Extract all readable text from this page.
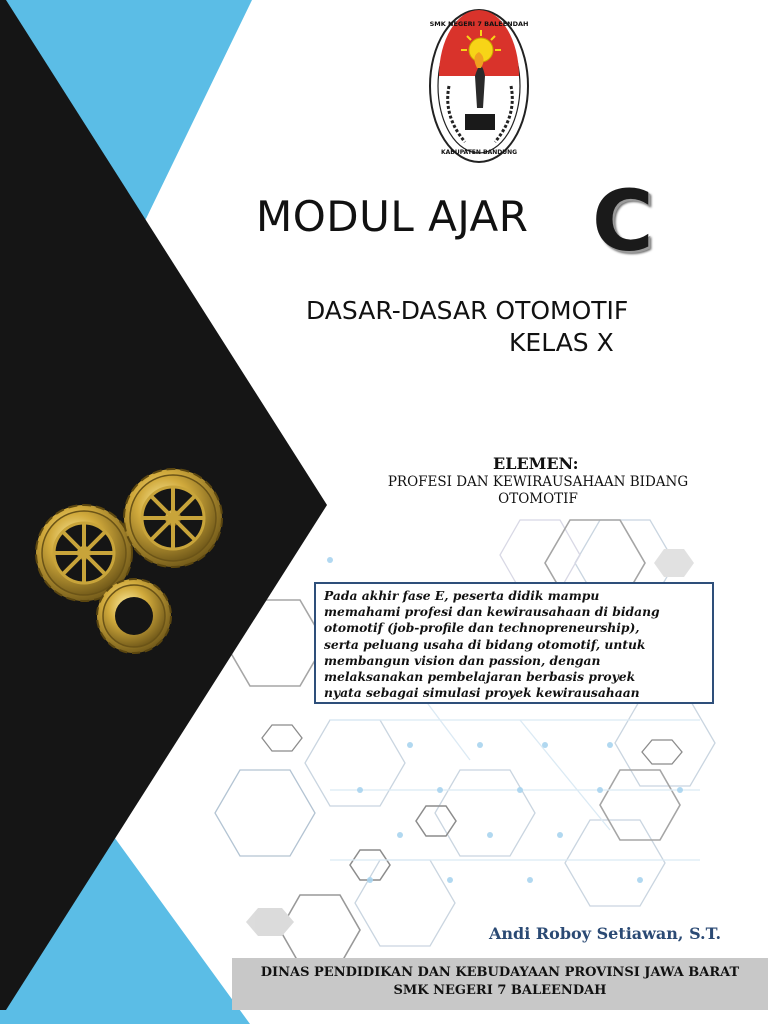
SMK NEGERI 7 BALEENDAH
KABUPATEN BANDUNG
MODUL AJAR C
DASAR-DASAR OTOMOTIF
KELAS X
ELEMEN:
PROFESI DAN KEWIRAUSAHAAN BIDANG
OTOMOTIF

Pada akhir fase E, peserta didik mampu

memahami profesi dan kewirausahaan di bidang

otomotif (job-profile dan technopreneurship),

serta peluang usaha di bidang otomotif, untuk

membangun vision dan passion, dengan

melaksanakan pembelajaran berbasis proyek

nyata sebagai simulasi proyek kewirausahaan

Andi Roboy Setiawan, S.T.
DINAS PENDIDIKAN DAN KEBUDAYAAN PROVINSI JAWA BARAT
SMK NEGERI 7 BALEENDAH
